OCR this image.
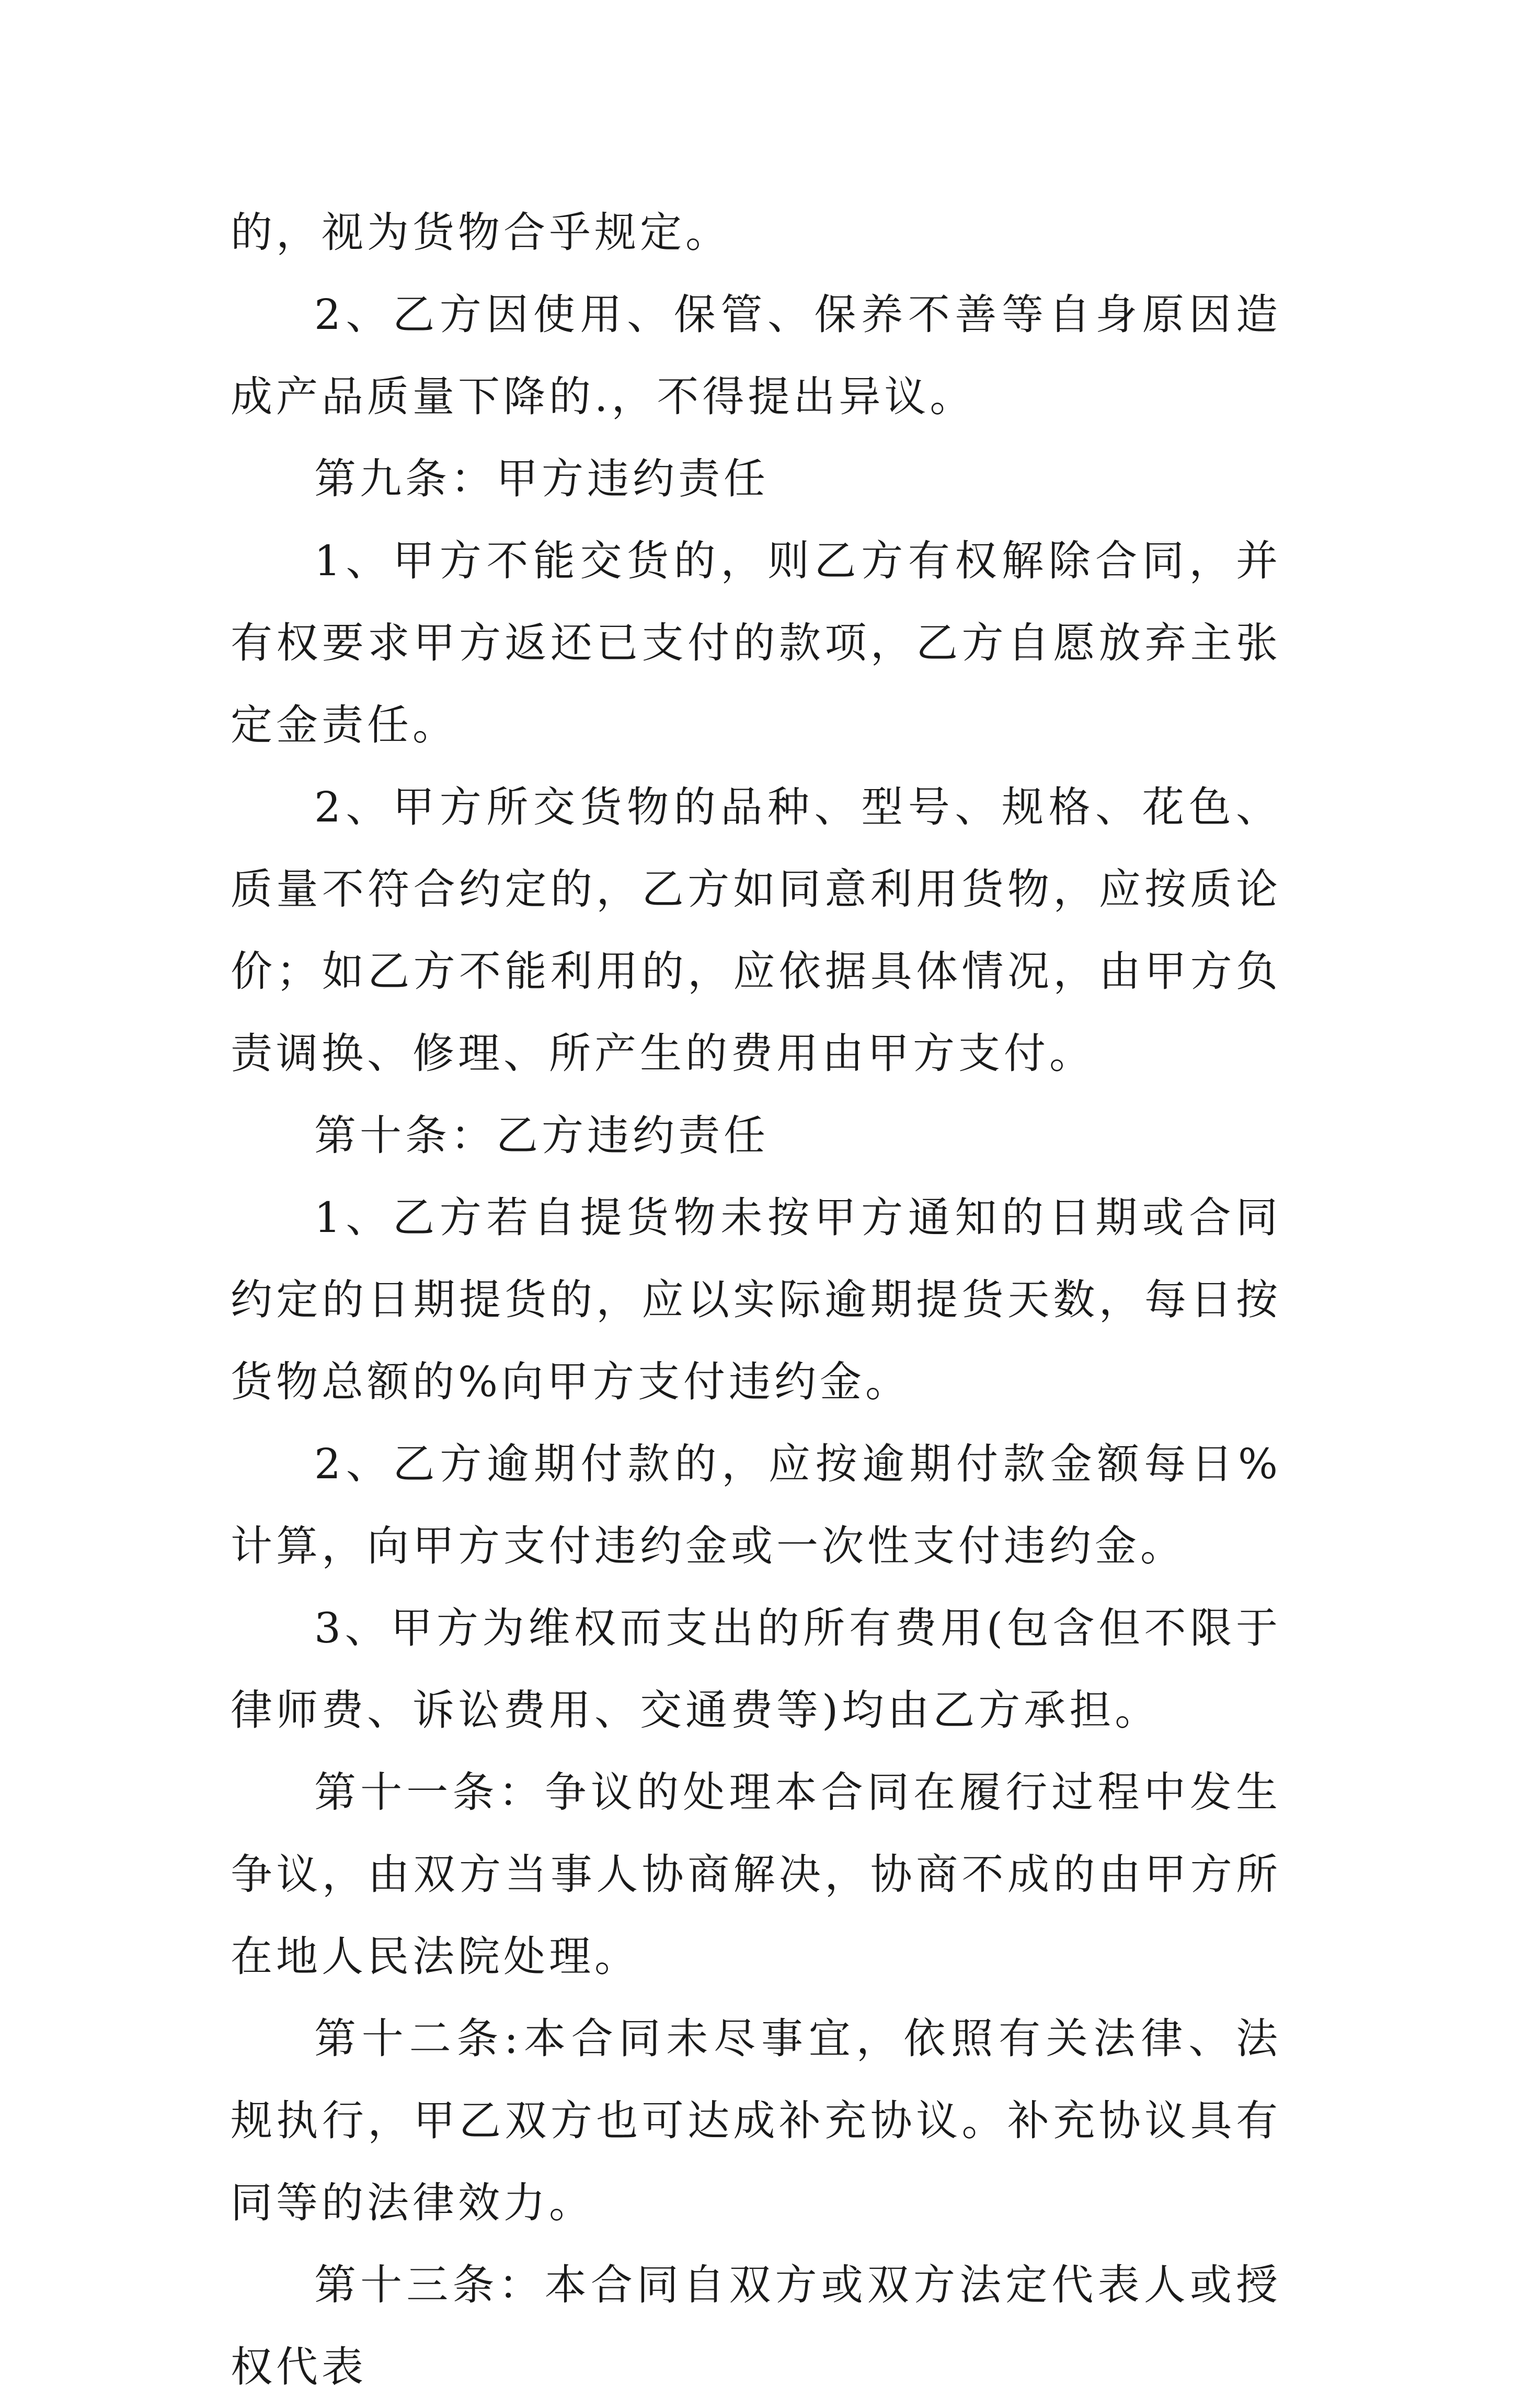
的，视为货物合乎规定。

2、乙方因使用、保管、保养不善等自身原因造成产品质量下降的.，不得提出异议。

第九条：甲方违约责任

1、甲方不能交货的，则乙方有权解除合同，并有权要求甲方返还已支付的款项，乙方自愿放弃主张定金责任。

2、甲方所交货物的品种、型号、规格、花色、质量不符合约定的，乙方如同意利用货物，应按质论价；如乙方不能利用的，应依据具体情况，由甲方负责调换、修理、所产生的费用由甲方支付。

第十条：乙方违约责任

1、乙方若自提货物未按甲方通知的日期或合同约定的日期提货的，应以实际逾期提货天数，每日按货物总额的%向甲方支付违约金。

2、乙方逾期付款的，应按逾期付款金额每日%计算，向甲方支付违约金或一次性支付违约金。

3、甲方为维权而支出的所有费用(包含但不限于律师费、诉讼费用、交通费等)均由乙方承担。

第十一条：争议的处理本合同在履行过程中发生争议，由双方当事人协商解决，协商不成的由甲方所在地人民法院处理。

第十二条:本合同未尽事宜，依照有关法律、法规执行，甲乙双方也可达成补充协议。补充协议具有同等的法律效力。

第十三条：本合同自双方或双方法定代表人或授权代表
